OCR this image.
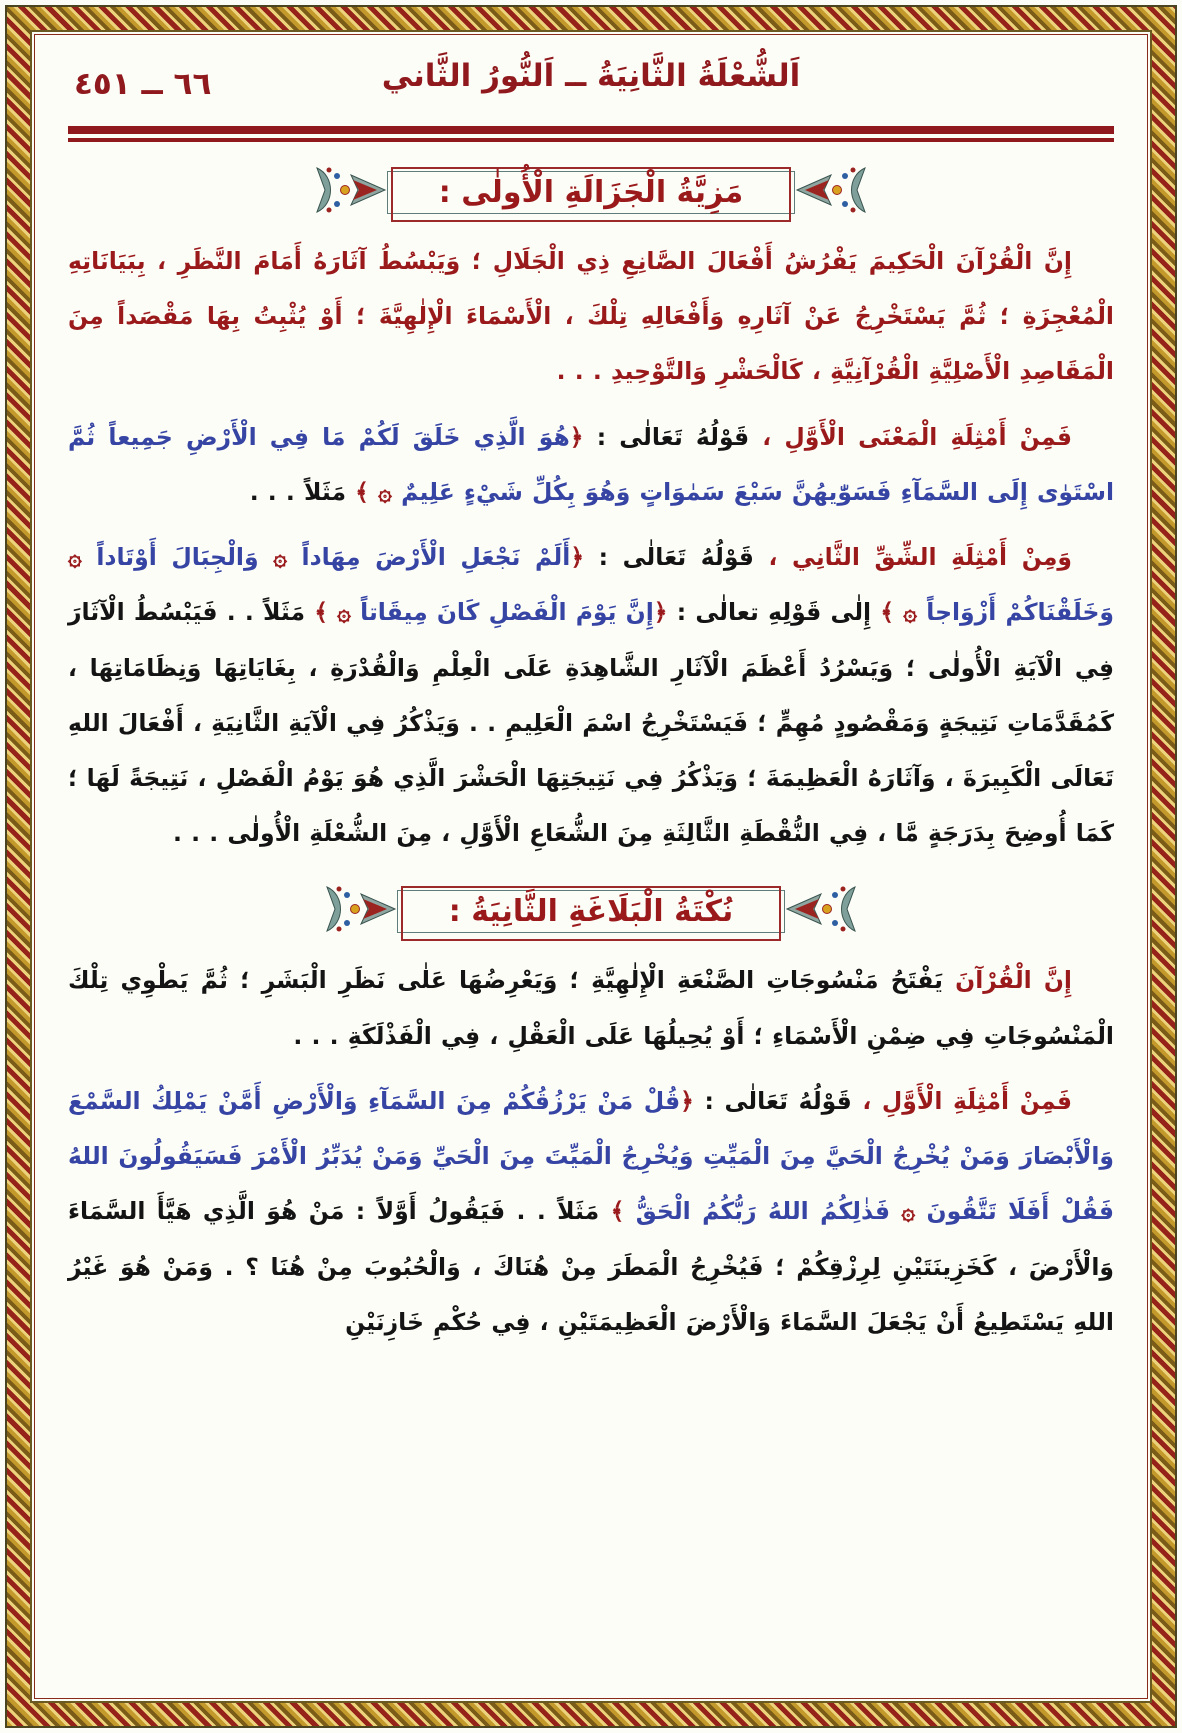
٦٦ ــ ٤٥١	اَلشُّعْلَةُ الثَّانِيَةُ ــ اَلنُّورُ الثَّاني
مَزِيَّةُ الْجَزَالَةِ الْأُولٰى :

إِنَّ الْقُرْآنَ الْحَكِيمَ يَفْرُشُ أَفْعَالَ الصَّانِعِ ذِي الْجَلَالِ ؛ وَيَبْسُطُ آثَارَهُ أَمَامَ النَّظَرِ ، بِبَيَانَاتِهِ الْمُعْجِزَةِ ؛ ثُمَّ يَسْتَخْرِجُ عَنْ آثَارِهِ وَأَفْعَالِهِ تِلْكَ ، الْأَسْمَاءَ الْإِلٰهِيَّةَ ؛ أَوْ يُثْبِتُ بِهَا مَقْصَداً مِنَ الْمَقَاصِدِ الْأَصْلِيَّةِ الْقُرْآنِيَّةِ ، كَالْحَشْرِ وَالتَّوْحِيدِ . . .

فَمِنْ أَمْثِلَةِ الْمَعْنَى الْأَوَّلِ ، قَوْلُهُ تَعَالٰى : ﴿هُوَ الَّذِي خَلَقَ لَكُمْ مَا فِي الْأَرْضِ جَمِيعاً ثُمَّ اسْتَوٰى إِلَى السَّمَآءِ فَسَوّٰيهُنَّ سَبْعَ سَمٰوَاتٍ وَهُوَ بِكُلِّ شَيْءٍ عَلِيمٌ ۞ ﴾ مَثَلاً . . .

وَمِنْ أَمْثِلَةِ الشِّقِّ الثَّانِي ، قَوْلُهُ تَعَالٰى : ﴿أَلَمْ نَجْعَلِ الْأَرْضَ مِهَاداً ۞ وَالْجِبَالَ أَوْتَاداً ۞ وَخَلَقْنَاكُمْ أَزْوَاجاً ۞ ﴾ إِلٰى قَوْلِهِ تعالٰى : ﴿إِنَّ يَوْمَ الْفَصْلِ كَانَ مِيقَاتاً ۞ ﴾ مَثَلاً . . فَيَبْسُطُ الْآثَارَ فِي الْآيَةِ الْأُولٰى ؛ وَيَسْرُدُ أَعْظَمَ الْآثَارِ الشَّاهِدَةِ عَلَى الْعِلْمِ وَالْقُدْرَةِ ، بِغَايَاتِهَا وَنِظَامَاتِهَا ، كَمُقَدَّمَاتِ نَتِيجَةٍ وَمَقْصُودٍ مُهِمٍّ ؛ فَيَسْتَخْرِجُ اسْمَ الْعَلِيمِ . . وَيَذْكُرُ فِي الْآيَةِ الثَّانِيَةِ ، أَفْعَالَ اللهِ تَعَالَى الْكَبِيرَةَ ، وَآثَارَهُ الْعَظِيمَةَ ؛ وَيَذْكُرُ فِي نَتِيجَتِهَا الْحَشْرَ الَّذِي هُوَ يَوْمُ الْفَصْلِ ، نَتِيجَةً لَهَا ؛ كَمَا أُوضِحَ بِدَرَجَةٍ مَّا ، فِي النُّقْطَةِ الثَّالِثَةِ مِنَ الشُّعَاعِ الْأَوَّلِ ، مِنَ الشُّعْلَةِ الْأُولٰى . . .

نُكْتَةُ الْبَلَاغَةِ الثَّانِيَةُ :

إِنَّ الْقُرْآنَ يَفْتَحُ مَنْسُوجَاتِ الصَّنْعَةِ الْإِلٰهِيَّةِ ؛ وَيَعْرِضُهَا عَلٰى نَظَرِ الْبَشَرِ ؛ ثُمَّ يَطْوِي تِلْكَ الْمَنْسُوجَاتِ فِي ضِمْنِ الْأَسْمَاءِ ؛ أَوْ يُحِيلُهَا عَلَى الْعَقْلِ ، فِي الْفَذْلَكَةِ . . .

فَمِنْ أَمْثِلَةِ الْأَوَّلِ ، قَوْلُهُ تَعَالٰى : ﴿قُلْ مَنْ يَرْزُقُكُمْ مِنَ السَّمَآءِ وَالْأَرْضِ أَمَّنْ يَمْلِكُ السَّمْعَ وَالْأَبْصَارَ وَمَنْ يُخْرِجُ الْحَيَّ مِنَ الْمَيِّتِ وَيُخْرِجُ الْمَيِّتَ مِنَ الْحَيِّ وَمَنْ يُدَبِّرُ الْأَمْرَ فَسَيَقُولُونَ اللهُ فَقُلْ أَفَلَا تَتَّقُونَ ۞ فَذٰلِكُمُ اللهُ رَبُّكُمُ الْحَقُّ ﴾ مَثَلاً . . فَيَقُولُ أَوَّلاً : مَنْ هُوَ الَّذِي هَيَّأَ السَّمَاءَ وَالْأَرْضَ ، كَخَزِينَتَيْنِ لِرِزْقِكُمْ ؛ فَيُخْرِجُ الْمَطَرَ مِنْ هُنَاكَ ، وَالْحُبُوبَ مِنْ هُنَا ؟ . وَمَنْ هُوَ غَيْرُ اللهِ يَسْتَطِيعُ أَنْ يَجْعَلَ السَّمَاءَ وَالْأَرْضَ الْعَظِيمَتَيْنِ ، فِي حُكْمِ خَازِنَيْنِ
